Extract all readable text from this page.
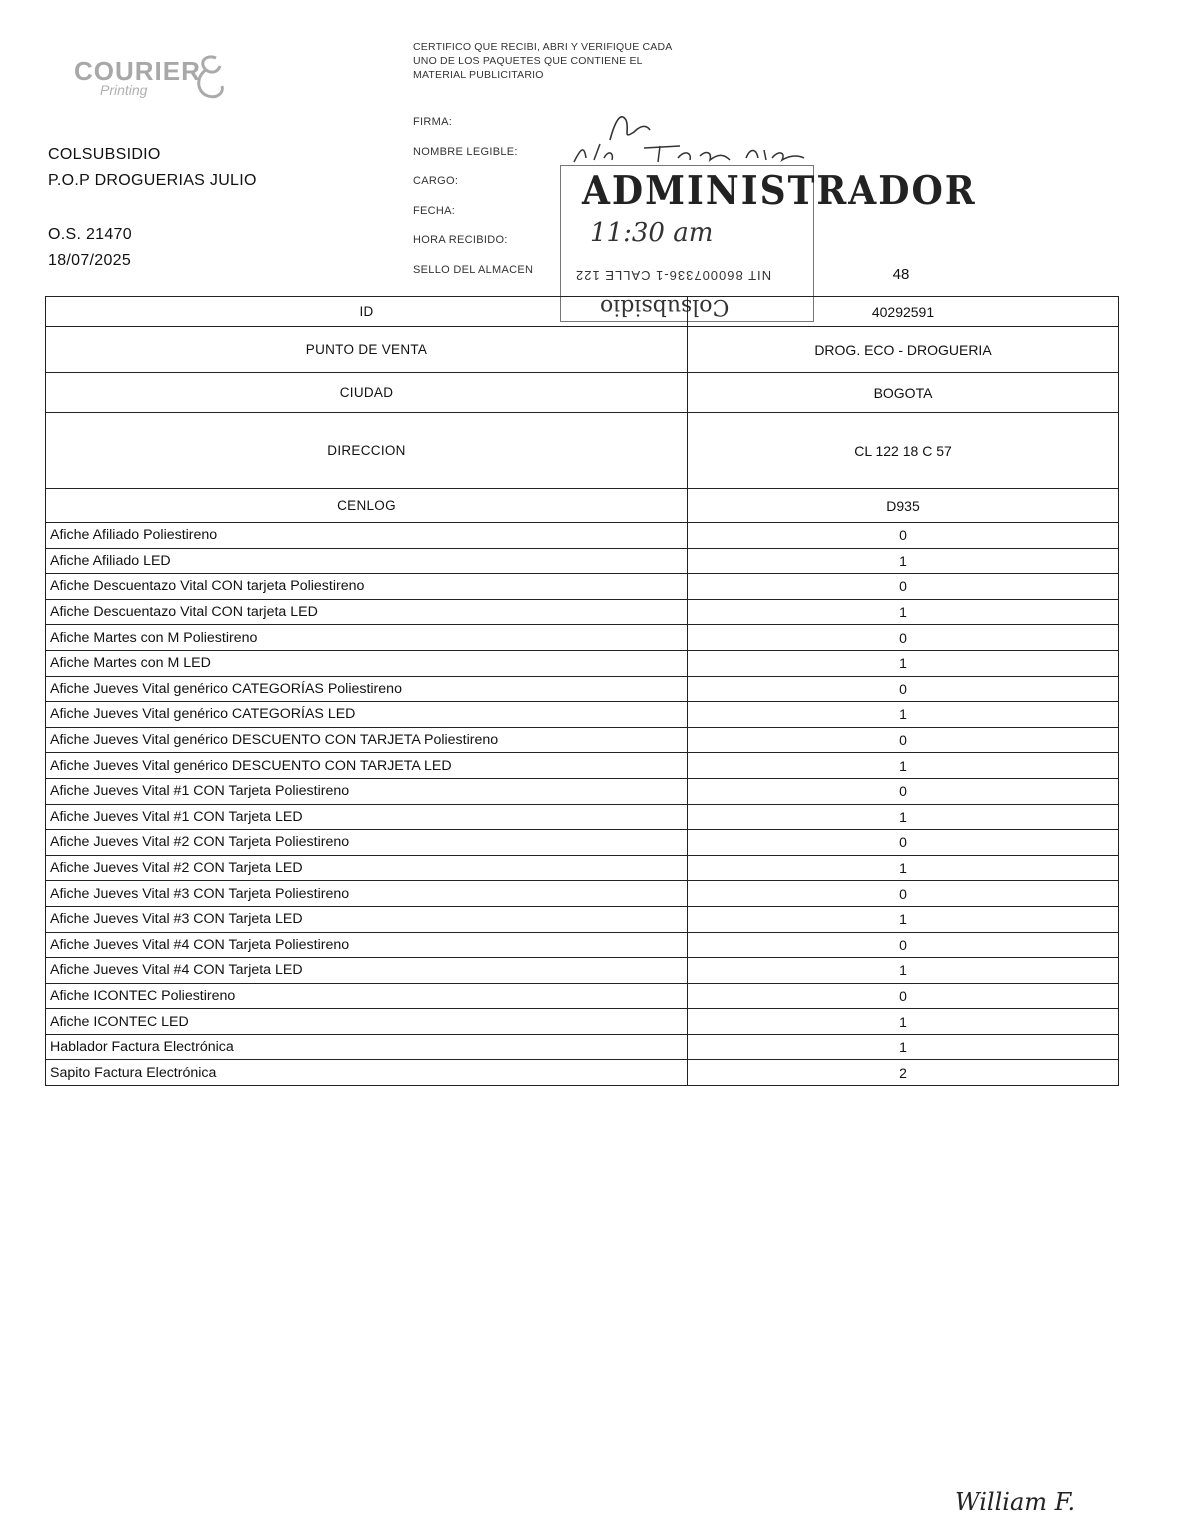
COURIER
Printing
COLSUBSIDIO
P.O.P DROGUERIAS JULIO
O.S. 21470
18/07/2025
CERTIFICO QUE RECIBI, ABRI Y VERIFIQUE CADA UNO DE LOS PAQUETES QUE CONTIENE EL MATERIAL PUBLICITARIO
FIRMA:
NOMBRE LEGIBLE:
CARGO:
FECHA:
HORA RECIBIDO:
SELLO DEL ALMACEN
ADMINISTRADOR
11:30 am
NIT 860007336-1 CALLE 122
Colsubsidio
48
ID	40292591
PUNTO DE VENTA	DROG. ECO - DROGUERIA
CIUDAD	BOGOTA
DIRECCION	CL 122 18 C 57
CENLOG	D935
Afiche Afiliado Poliestireno	0
Afiche Afiliado LED	1
Afiche Descuentazo Vital CON tarjeta Poliestireno	0
Afiche Descuentazo Vital CON tarjeta LED	1
Afiche Martes con M Poliestireno	0
Afiche Martes con M LED	1
Afiche Jueves Vital genérico CATEGORÍAS Poliestireno	0
Afiche Jueves Vital genérico CATEGORÍAS LED	1
Afiche Jueves Vital genérico DESCUENTO CON TARJETA Poliestireno	0
Afiche Jueves Vital genérico DESCUENTO CON TARJETA LED	1
Afiche Jueves Vital #1 CON Tarjeta Poliestireno	0
Afiche Jueves Vital #1 CON Tarjeta LED	1
Afiche Jueves Vital #2 CON Tarjeta Poliestireno	0
Afiche Jueves Vital #2 CON Tarjeta LED	1
Afiche Jueves Vital #3 CON Tarjeta Poliestireno	0
Afiche Jueves Vital #3 CON Tarjeta LED	1
Afiche Jueves Vital #4 CON Tarjeta Poliestireno	0
Afiche Jueves Vital #4 CON Tarjeta LED	1
Afiche ICONTEC Poliestireno	0
Afiche ICONTEC LED	1
Hablador Factura Electrónica	1
Sapito Factura Electrónica	2
William F.
